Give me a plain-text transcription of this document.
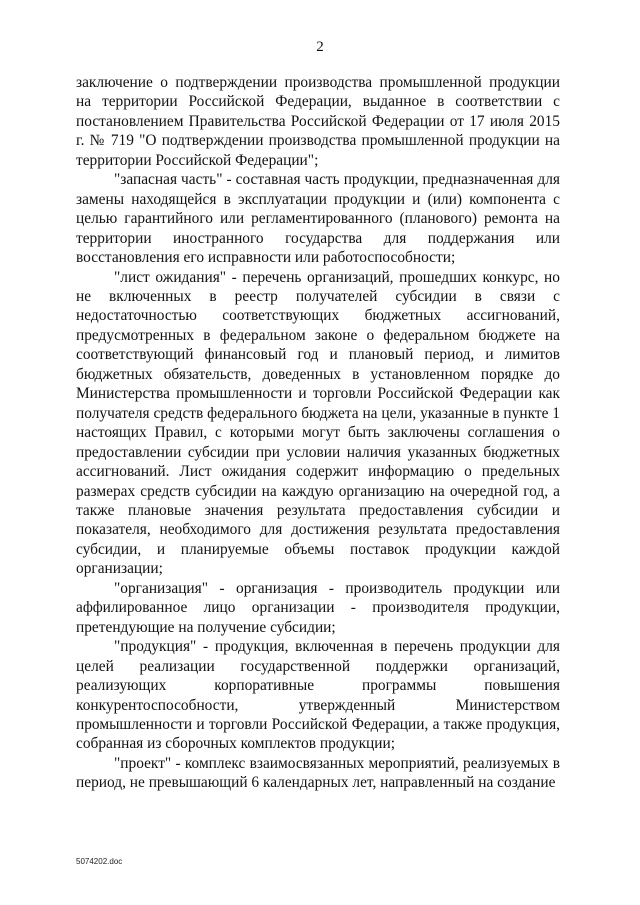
2

заключение о подтверждении производства промышленной продукции на территории Российской Федерации, выданное в соответствии с постановлением Правительства Российской Федерации от 17 июля 2015 г. № 719 "О подтверждении производства промышленной продукции на территории Российской Федерации";

"запасная часть" - составная часть продукции, предназначенная для замены находящейся в эксплуатации продукции и (или) компонента с целью гарантийного или регламентированного (планового) ремонта на территории иностранного государства для поддержания или восстановления его исправности или работоспособности;

"лист ожидания" - перечень организаций, прошедших конкурс, но не включенных в реестр получателей субсидии в связи с недостаточностью соответствующих бюджетных ассигнований, предусмотренных в федеральном законе о федеральном бюджете на соответствующий финансовый год и плановый период, и лимитов бюджетных обязательств, доведенных в установленном порядке до Министерства промышленности и торговли Российской Федерации как получателя средств федерального бюджета на цели, указанные в пункте 1 настоящих Правил, с которыми могут быть заключены соглашения о предоставлении субсидии при условии наличия указанных бюджетных ассигнований. Лист ожидания содержит информацию о предельных размерах средств субсидии на каждую организацию на очередной год, а также плановые значения результата предоставления субсидии и показателя, необходимого для достижения результата предоставления субсидии, и планируемые объемы поставок продукции каждой организации;

"организация" - организация - производитель продукции или аффилированное лицо организации - производителя продукции, претендующие на получение субсидии;

"продукция" - продукция, включенная в перечень продукции для целей реализации государственной поддержки организаций, реализующих корпоративные программы повышения конкурентоспособности, утвержденный Министерством промышленности и торговли Российской Федерации, а также продукция, собранная из сборочных комплектов продукции;

"проект" - комплекс взаимосвязанных мероприятий, реализуемых в период, не превышающий 6 календарных лет, направленный на создание

5074202.doc
